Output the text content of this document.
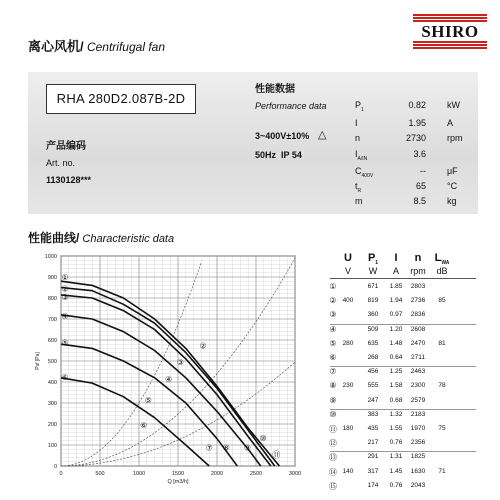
离心风机/ Centrifugal fan
SHIRO
RHA 280D2.087B-2D
产品编码
Art. no.
1130128***
性能数据
Performance data
3~400V±10% △
50Hz IP 54
$P_1$	0.82 kW
I	1.95 A
n	2730 rpm
$I_{A/IN}$	3.6
$C_{400V}$	-- μF
$t_R$	65 °C
m	8.5 kg
性能曲线/ Characteristic data
0	500	1000	1500	2000	2500	3000
0
100
200
300
400
500
600
700
800
900
1000
①
②
③
④
⑤
⑥
②
③
④
⑤
⑥
⑦ ⑧ ⑨
⑩
⑪
Psf [Pa]
Q [m3/h]
U	$P_1$	I	n	$L_{WA}$
V	W	A	rpm	dB
①	671	1.85	2803
② 400	819	1.94	2736	85
③	360	0.97	2836
④	509	1.20	2608
⑤ 280	635	1.48	2470	81
⑥	268	0.64	2711
⑦	456	1.25	2463
⑧ 230	555	1.58	2300	78
⑨	247	0.68	2579
⑩	383	1.32	2183
⑪ 180	435	1.55	1970	75
⑫	217	0.76	2356
⑬	291	1.31	1825
⑭ 140	317	1.45	1630	71
⑮	174	0.76	2043
